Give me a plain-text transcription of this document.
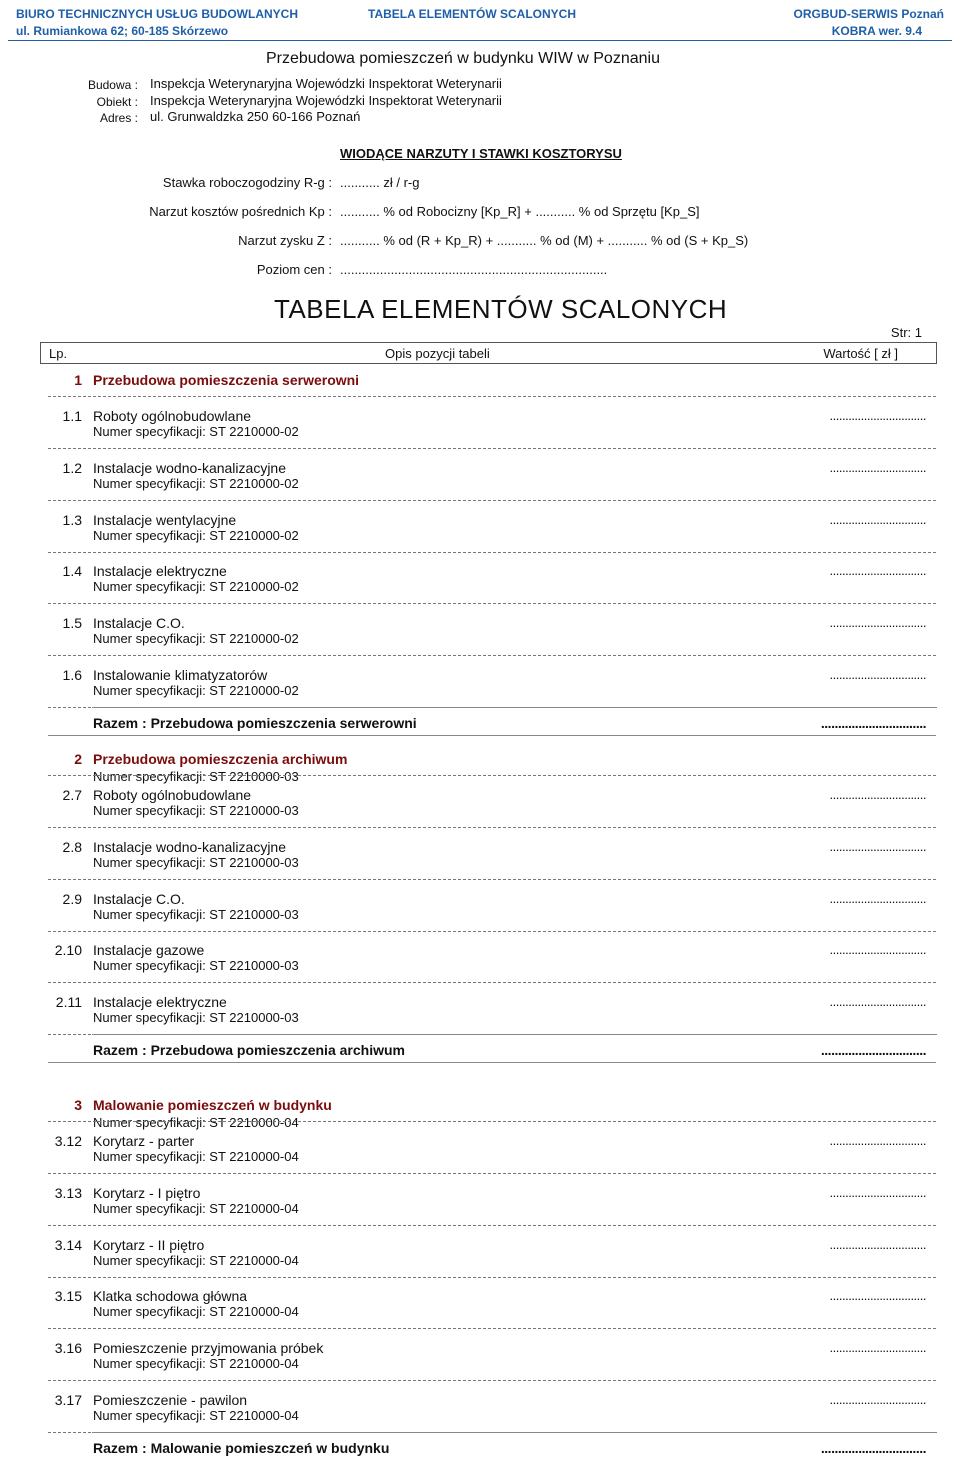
BIURO TECHNICZNYCH USŁUG BUDOWLANYCH
ul. Rumiankowa 62; 60-185 Skórzewo
TABELA ELEMENTÓW SCALONYCH	ORGBUD-SERWIS Poznań
KOBRA wer. 9.4
Przebudowa pomieszczeń w budynku WIW w Poznaniu
Budowa : Inspekcja Weterynaryjna Wojewódzki Inspektorat Weterynarii
Obiekt : Inspekcja Weterynaryjna Wojewódzki Inspektorat Weterynarii
Adres : ul. Grunwaldzka 250 60-166 Poznań
WIODĄCE NARZUTY I STAWKI KOSZTORYSU
Stawka roboczogodziny R-g : ........... zł / r-g
Narzut kosztów pośrednich Kp : ........... % od Robocizny [Kp_R] + ........... % od Sprzętu [Kp_S]
Narzut zysku Z : ........... % od (R + Kp_R) + ........... % od (M) + ........... % od (S + Kp_S)
Poziom cen : ..........................................................................
TABELA ELEMENTÓW SCALONYCH
Str: 1
Lp.	Opis pozycji tabeli	Wartość [ zł ]
1 Przebudowa pomieszczenia serwerowni
1.1 Roboty ogólnobudowlane	...............................
Numer specyfikacji: ST 2210000-02
1.2 Instalacje wodno-kanalizacyjne	...............................
Numer specyfikacji: ST 2210000-02
1.3 Instalacje wentylacyjne	...............................
Numer specyfikacji: ST 2210000-02
1.4 Instalacje elektryczne	...............................
Numer specyfikacji: ST 2210000-02
1.5 Instalacje C.O.	...............................
Numer specyfikacji: ST 2210000-02
1.6 Instalowanie klimatyzatorów	...............................
Numer specyfikacji: ST 2210000-02
Razem : Przebudowa pomieszczenia serwerowni	...............................
2 Przebudowa pomieszczenia archiwum
Numer specyfikacji: ST 2210000-03
2.7 Roboty ogólnobudowlane	...............................
Numer specyfikacji: ST 2210000-03
2.8 Instalacje wodno-kanalizacyjne	...............................
Numer specyfikacji: ST 2210000-03
2.9 Instalacje C.O.	...............................
Numer specyfikacji: ST 2210000-03
2.10 Instalacje gazowe	...............................
Numer specyfikacji: ST 2210000-03
2.11 Instalacje elektryczne	...............................
Numer specyfikacji: ST 2210000-03
Razem : Przebudowa pomieszczenia archiwum	...............................
3 Malowanie pomieszczeń w budynku
Numer specyfikacji: ST 2210000-04
3.12 Korytarz - parter	...............................
Numer specyfikacji: ST 2210000-04
3.13 Korytarz - I piętro	...............................
Numer specyfikacji: ST 2210000-04
3.14 Korytarz - II piętro	...............................
Numer specyfikacji: ST 2210000-04
3.15 Klatka schodowa główna	...............................
Numer specyfikacji: ST 2210000-04
3.16 Pomieszczenie przyjmowania próbek	...............................
Numer specyfikacji: ST 2210000-04
3.17 Pomieszczenie - pawilon	...............................
Numer specyfikacji: ST 2210000-04
Razem : Malowanie pomieszczeń w budynku	...............................
